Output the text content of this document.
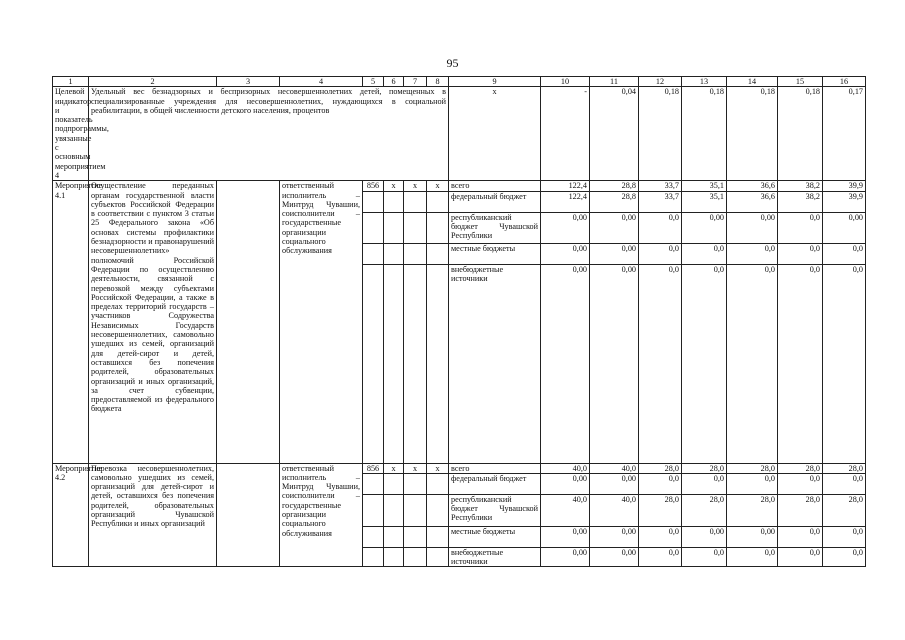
95
1	2	3	4	5	6	7	8	9	10	11	12	13	14	15	16
Целевой индикатор и показатель подпрограммы, увязанные с основным мероприятием 4	Удельный вес безнадзорных и беспризорных несовершеннолетних детей, помещенных в специализированные учреждения для несовершеннолетних, нуждающихся в социальной реабилитации, в общей численности детского населения, процентов							х	-	0,04	0,18	0,18	0,18	0,18	0,17
Мероприятие 4.1	Осуществление переданных органам государственной власти субъектов Российской Федерации в соответствии с пунктом 3 статьи 25 Федерального закона «Об основах системы профилактики безнадзорности и правонарушений несовершеннолетних» полномочий Российской Федерации по осуществлению деятельности, связанной с перевозкой между субъектами Российской Федерации, а также в пределах территорий государств – участников Содружества Независимых Государств несовершеннолетних, самовольно ушедших из семей, организаций для детей-сирот и детей, оставшихся без попечения родителей, образовательных организаций и иных организаций, за счет субвенции, предоставляемой из федерального бюджета		ответственный исполнитель – Минтруд Чувашии, соисполнители – государственные организации социального обслуживания	856	х	х	х	всего	122,4	28,8	33,7	35,1	36,6	38,2	39,9
								федеральный бюджет	122,4	28,8	33,7	35,1	36,6	38,2	39,9
								республиканский бюджет Чувашской Республики	0,00	0,00	0,0	0,00	0,00	0,0	0,00
								местные бюджеты	0,00	0,00	0,0	0,0	0,0	0,0	0,0
								внебюджетные источники	0,00	0,00	0,0	0,0	0,0	0,0	0,0
Мероприятие 4.2	Перевозка несовершеннолетних, самовольно ушедших из семей, организаций для детей-сирот и детей, оставшихся без попечения родителей, образовательных организаций Чувашской Республики и иных организаций		ответственный исполнитель – Минтруд Чувашии, соисполнители – государственные организации социального обслуживания	856	х	х	х	всего	40,0	40,0	28,0	28,0	28,0	28,0	28,0
								федеральный бюджет	0,00	0,00	0,0	0,0	0,0	0,0	0,0
								республиканский бюджет Чувашской Республики	40,0	40,0	28,0	28,0	28,0	28,0	28,0
								местные бюджеты	0,00	0,00	0,0	0,00	0,00	0,0	0,0
								внебюджетные источники	0,00	0,00	0,0	0,0	0,0	0,0	0,0
